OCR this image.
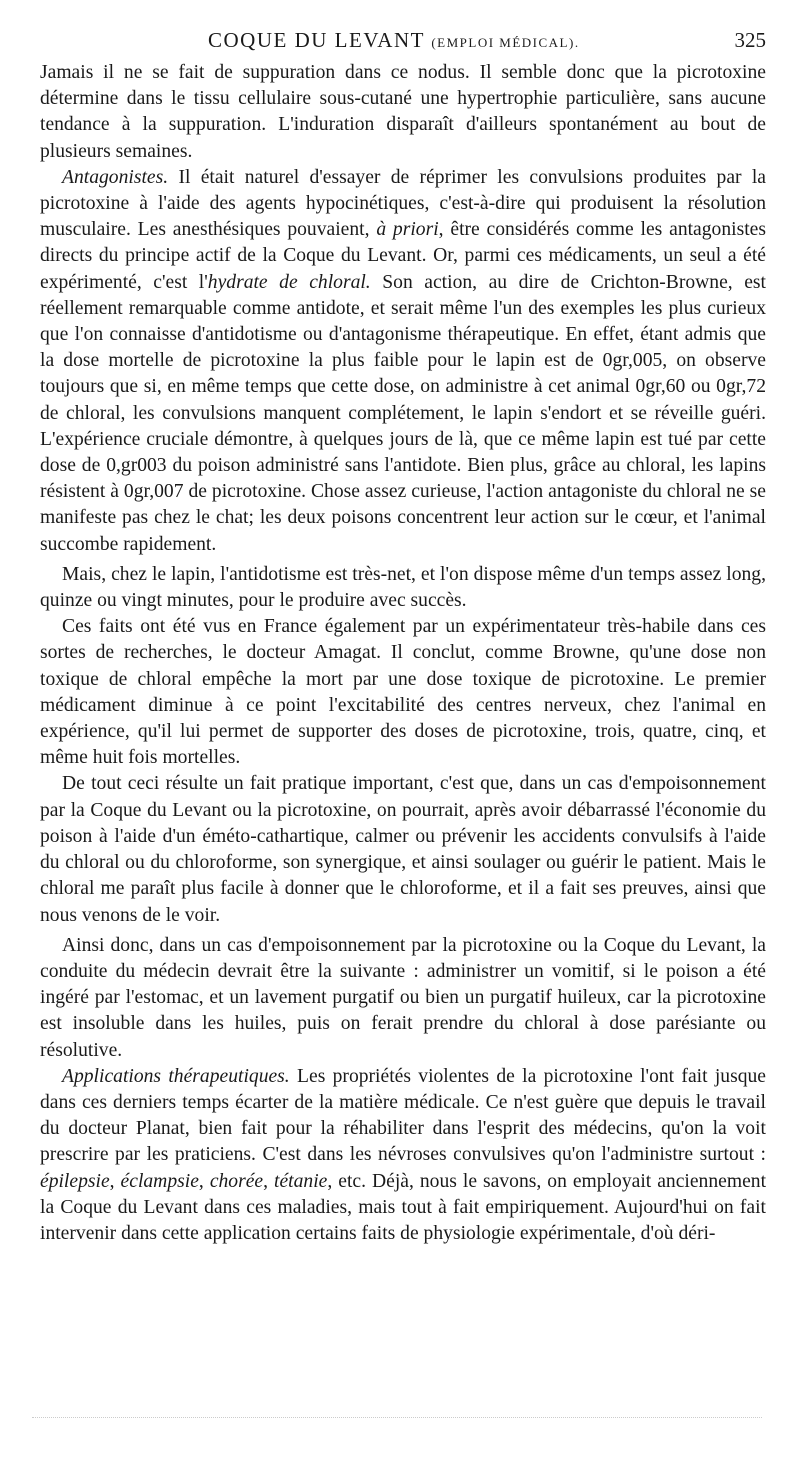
COQUE DU LEVANT (EMPLOI MÉDICAL).	325

Jamais il ne se fait de suppuration dans ce nodus. Il semble donc que la picrotoxine détermine dans le tissu cellulaire sous-cutané une hypertrophie particulière, sans aucune tendance à la suppuration. L'induration disparaît d'ailleurs spontanément au bout de plusieurs semaines.

Antagonistes. Il était naturel d'essayer de réprimer les convulsions produites par la picrotoxine à l'aide des agents hypocinétiques, c'est-à-dire qui produisent la résolution musculaire. Les anesthésiques pouvaient, à priori, être considérés comme les antagonistes directs du principe actif de la Coque du Levant. Or, parmi ces médicaments, un seul a été expérimenté, c'est l'hydrate de chloral. Son action, au dire de Crichton-Browne, est réellement remarquable comme antidote, et serait même l'un des exemples les plus curieux que l'on connaisse d'antidotisme ou d'antagonisme thérapeutique. En effet, étant admis que la dose mortelle de picrotoxine la plus faible pour le lapin est de 0gr,005, on observe toujours que si, en même temps que cette dose, on administre à cet animal 0gr,60 ou 0gr,72 de chloral, les convulsions manquent complétement, le lapin s'endort et se réveille guéri. L'expérience cruciale démontre, à quelques jours de là, que ce même lapin est tué par cette dose de 0,gr003 du poison administré sans l'antidote. Bien plus, grâce au chloral, les lapins résistent à 0gr,007 de picrotoxine. Chose assez curieuse, l'action antagoniste du chloral ne se manifeste pas chez le chat; les deux poisons concentrent leur action sur le cœur, et l'animal succombe rapidement.

Mais, chez le lapin, l'antidotisme est très-net, et l'on dispose même d'un temps assez long, quinze ou vingt minutes, pour le produire avec succès.

Ces faits ont été vus en France également par un expérimentateur très-habile dans ces sortes de recherches, le docteur Amagat. Il conclut, comme Browne, qu'une dose non toxique de chloral empêche la mort par une dose toxique de picrotoxine. Le premier médicament diminue à ce point l'excitabilité des centres nerveux, chez l'animal en expérience, qu'il lui permet de supporter des doses de picrotoxine, trois, quatre, cinq, et même huit fois mortelles.

De tout ceci résulte un fait pratique important, c'est que, dans un cas d'empoisonnement par la Coque du Levant ou la picrotoxine, on pourrait, après avoir débarrassé l'économie du poison à l'aide d'un éméto-cathartique, calmer ou prévenir les accidents convulsifs à l'aide du chloral ou du chloroforme, son synergique, et ainsi soulager ou guérir le patient. Mais le chloral me paraît plus facile à donner que le chloroforme, et il a fait ses preuves, ainsi que nous venons de le voir.

Ainsi donc, dans un cas d'empoisonnement par la picrotoxine ou la Coque du Levant, la conduite du médecin devrait être la suivante : administrer un vomitif, si le poison a été ingéré par l'estomac, et un lavement purgatif ou bien un purgatif huileux, car la picrotoxine est insoluble dans les huiles, puis on ferait prendre du chloral à dose parésiante ou résolutive.

Applications thérapeutiques. Les propriétés violentes de la picrotoxine l'ont fait jusque dans ces derniers temps écarter de la matière médicale. Ce n'est guère que depuis le travail du docteur Planat, bien fait pour la réhabiliter dans l'esprit des médecins, qu'on la voit prescrire par les praticiens. C'est dans les névroses convulsives qu'on l'administre surtout : épilepsie, éclampsie, chorée, tétanie, etc. Déjà, nous le savons, on employait anciennement la Coque du Levant dans ces maladies, mais tout à fait empiriquement. Aujourd'hui on fait intervenir dans cette application certains faits de physiologie expérimentale, d'où déri-
